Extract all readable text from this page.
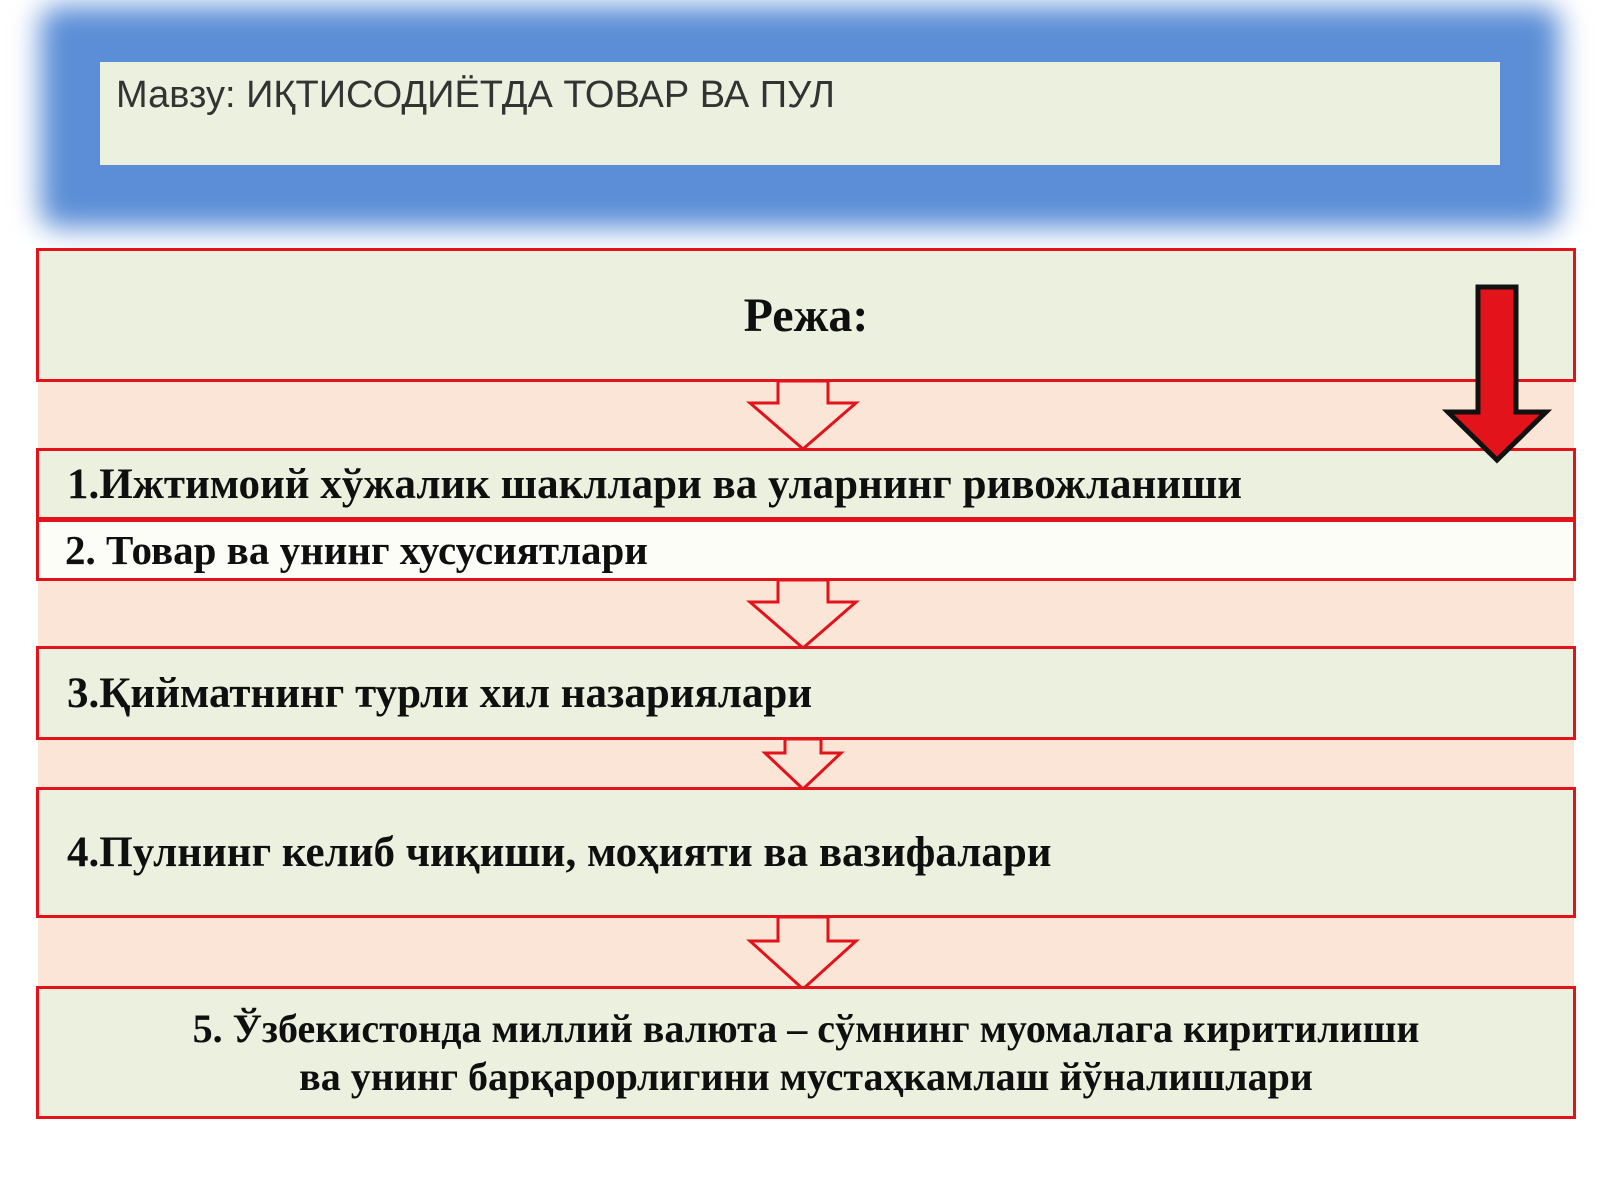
Мавзу: ИҚТИСОДИЁТДА ТОВАР ВА ПУЛ
Режа:
1.Ижтимоий хўжалик шакллари ва уларнинг ривожланиши
2. Товар ва унинг хусусиятлари
3.Қийматнинг турли хил назариялари
4.Пулнинг келиб чиқиши, моҳияти ва вазифалари
5. Ўзбекистонда миллий валюта – сўмнинг муомалага киритилиши
ва унинг барқарорлигини мустаҳкамлаш йўналишлари
